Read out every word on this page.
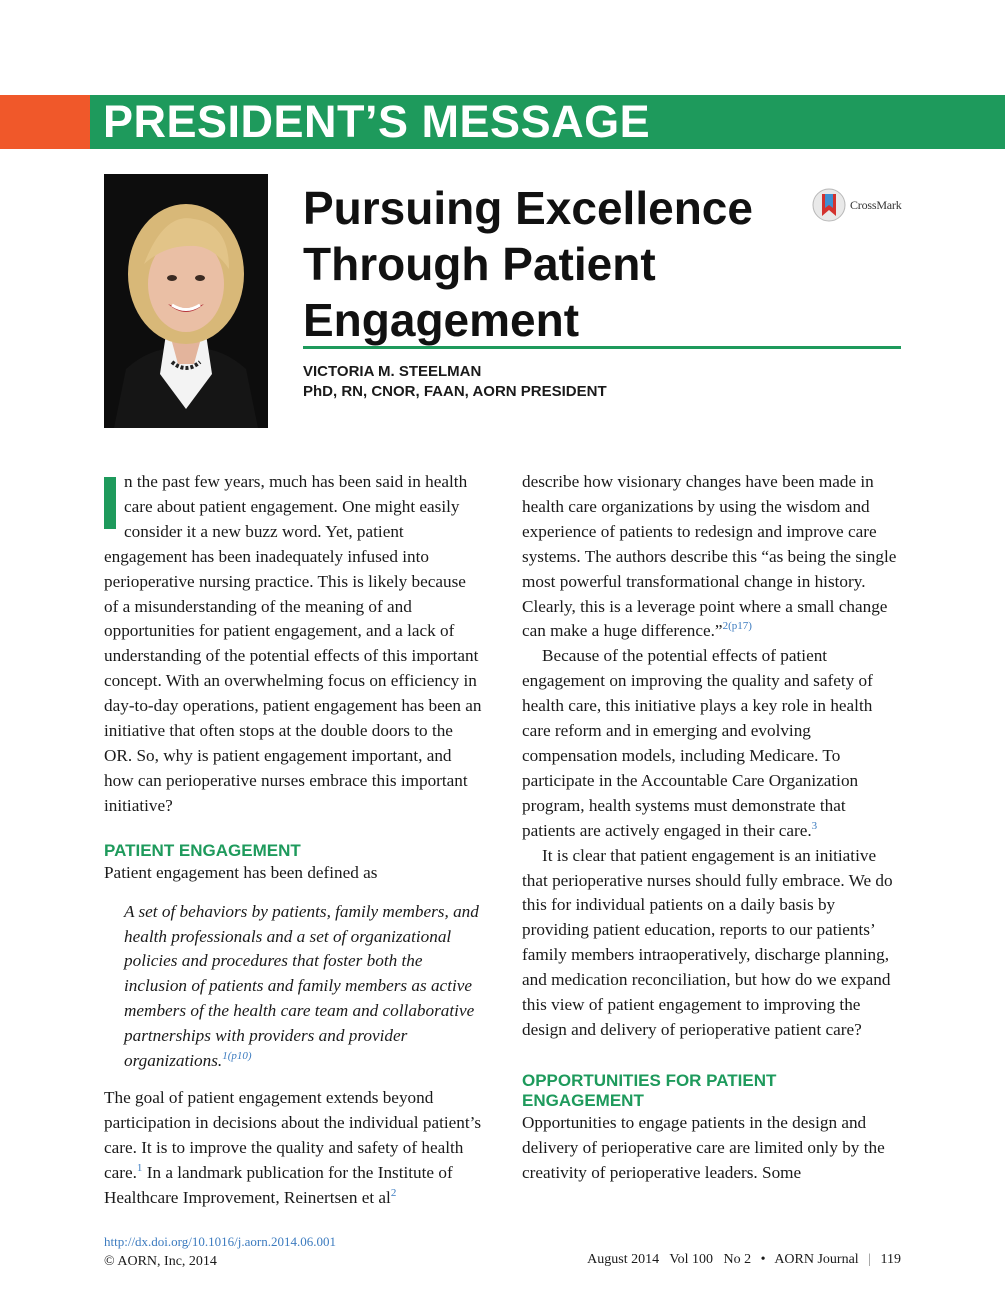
PRESIDENT’S MESSAGE
Pursuing Excellence Through Patient Engagement
CrossMark
VICTORIA M. STEELMAN
PhD, RN, CNOR, FAAN, AORN PRESIDENT

n the past few years, much has been said in health care about patient engagement. One might easily consider it a new buzz word. Yet, patient engagement has been inadequately infused into perioperative nursing practice. This is likely because of a misunderstanding of the meaning of and opportunities for patient engagement, and a lack of understanding of the potential effects of this important concept. With an overwhelming focus on efficiency in day-to-day operations, patient engagement has been an initiative that often stops at the double doors to the OR. So, why is patient engagement important, and how can perioperative nurses embrace this important initiative?

PATIENT ENGAGEMENT

Patient engagement has been defined as

A set of behaviors by patients, family members, and health professionals and a set of organizational policies and procedures that foster both the inclusion of patients and family members as active members of the health care team and collaborative partnerships with providers and provider organizations.$^{1(p10)}$

The goal of patient engagement extends beyond participation in decisions about the individual patient’s care. It is to improve the quality and safety of health care.$^1$ In a landmark publication for the Institute of Healthcare Improvement, Reinertsen et $al^2$

describe how visionary changes have been made in health care organizations by using the wisdom and experience of patients to redesign and improve care systems. The authors describe this “as being the single most powerful transformational change in history. Clearly, this is a leverage point where a small change can make a huge difference.”$^{2(p17)}$

Because of the potential effects of patient engagement on improving the quality and safety of health care, this initiative plays a key role in health care reform and in emerging and evolving compensation models, including Medicare. To participate in the Accountable Care Organization program, health systems must demonstrate that patients are actively engaged in their care.$^3$

It is clear that patient engagement is an initiative that perioperative nurses should fully embrace. We do this for individual patients on a daily basis by providing patient education, reports to our patients’ family members intraoperatively, discharge planning, and medication reconciliation, but how do we expand this view of patient engagement to improving the design and delivery of perioperative patient care?

OPPORTUNITIES FOR PATIENT ENGAGEMENT

Opportunities to engage patients in the design and delivery of perioperative care are limited only by the creativity of perioperative leaders. Some

http://dx.doi.org/10.1016/j.aorn.2014.06.001
© AORN, Inc, 2014	August 2014   Vol 100   No 2 • AORN Journal | 119
